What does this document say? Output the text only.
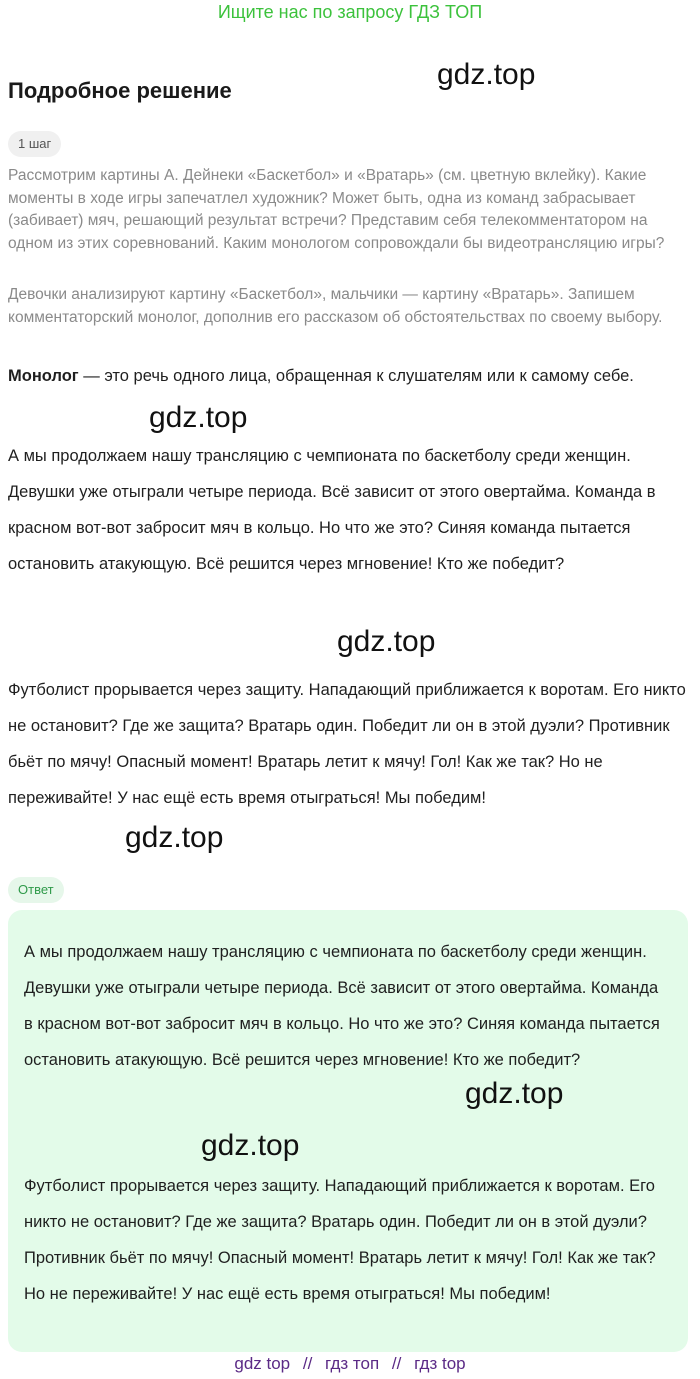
Ищите нас по запросу ГДЗ ТОП
Подробное решение	gdz.top
1 шаг

Рассмотрим картины А. Дейнеки «Баскетбол» и «Вратарь» (см. цветную вклейку). Какие моменты в ходе игры запечатлел художник? Может быть, одна из команд забрасывает (забивает) мяч, решающий результат встречи? Представим себя телекомментатором на одном из этих соревнований. Каким монологом сопровождали бы видеотрансляцию игры?

Девочки анализируют картину «Баскетбол», мальчики — картину «Вратарь». Запишем комментаторский монолог, дополнив его рассказом об обстоятельствах по своему выбору.

Монолог — это речь одного лица, обращенная к слушателям или к самому себе.

gdz.top

А мы продолжаем нашу трансляцию с чемпионата по баскетболу среди женщин. Девушки уже отыграли четыре периода. Всё зависит от этого овертайма. Команда в красном вот-вот забросит мяч в кольцо. Но что же это? Синяя команда пытается остановить атакующую. Всё решится через мгновение! Кто же победит?

gdz.top

Футболист прорывается через защиту. Нападающий приближается к воротам. Его никто не остановит? Где же защита? Вратарь один. Победит ли он в этой дуэли? Противник бьёт по мячу! Опасный момент! Вратарь летит к мячу! Гол! Как же так? Но не переживайте! У нас ещё есть время отыграться! Мы победим!

gdz.top
Ответ

А мы продолжаем нашу трансляцию с чемпионата по баскетболу среди женщин. Девушки уже отыграли четыре периода. Всё зависит от этого овертайма. Команда в красном вот-вот забросит мяч в кольцо. Но что же это? Синяя команда пытается остановить атакующую. Всё решится через мгновение! Кто же победит?

gdz.top
gdz.top

Футболист прорывается через защиту. Нападающий приближается к воротам. Его никто не остановит? Где же защита? Вратарь один. Победит ли он в этой дуэли? Противник бьёт по мячу! Опасный момент! Вратарь летит к мячу! Гол! Как же так? Но не переживайте! У нас ещё есть время отыграться! Мы победим!

gdz top // гдз топ // гдз top
